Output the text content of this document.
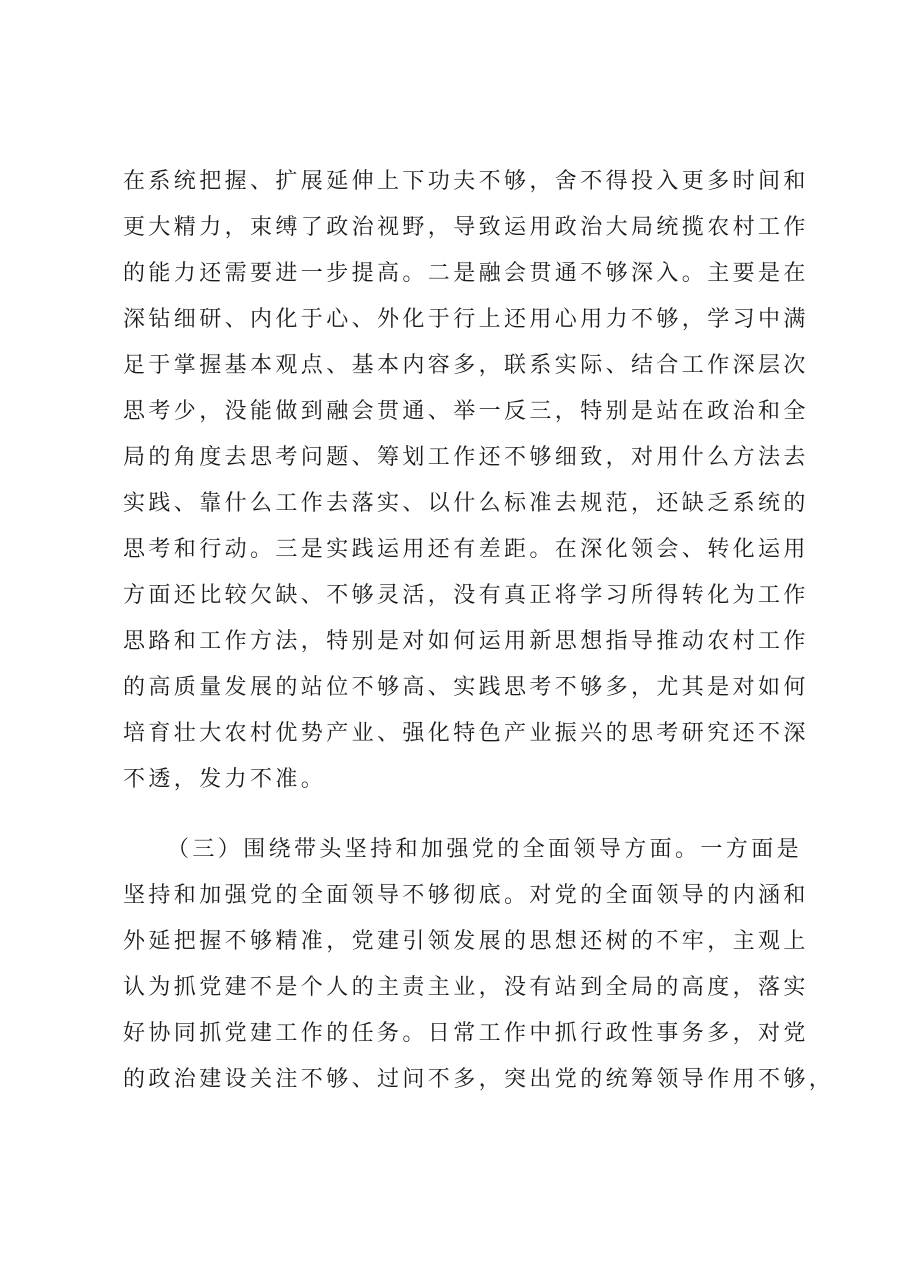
在系统把握、扩展延伸上下功夫不够，舍不得投入更多时间和
更大精力，束缚了政治视野，导致运用政治大局统揽农村工作
的能力还需要进一步提高。二是融会贯通不够深入。主要是在
深钻细研、内化于心、外化于行上还用心用力不够，学习中满
足于掌握基本观点、基本内容多，联系实际、结合工作深层次
思考少，没能做到融会贯通、举一反三，特别是站在政治和全
局的角度去思考问题、筹划工作还不够细致，对用什么方法去
实践、靠什么工作去落实、以什么标准去规范，还缺乏系统的
思考和行动。三是实践运用还有差距。在深化领会、转化运用
方面还比较欠缺、不够灵活，没有真正将学习所得转化为工作
思路和工作方法，特别是对如何运用新思想指导推动农村工作
的高质量发展的站位不够高、实践思考不够多，尤其是对如何
培育壮大农村优势产业、强化特色产业振兴的思考研究还不深
不透，发力不准。
（三）围绕带头坚持和加强党的全面领导方面。一方面是
坚持和加强党的全面领导不够彻底。对党的全面领导的内涵和
外延把握不够精准，党建引领发展的思想还树的不牢，主观上
认为抓党建不是个人的主责主业，没有站到全局的高度，落实
好协同抓党建工作的任务。日常工作中抓行政性事务多，对党
的政治建设关注不够、过问不多，突出党的统筹领导作用不够，
